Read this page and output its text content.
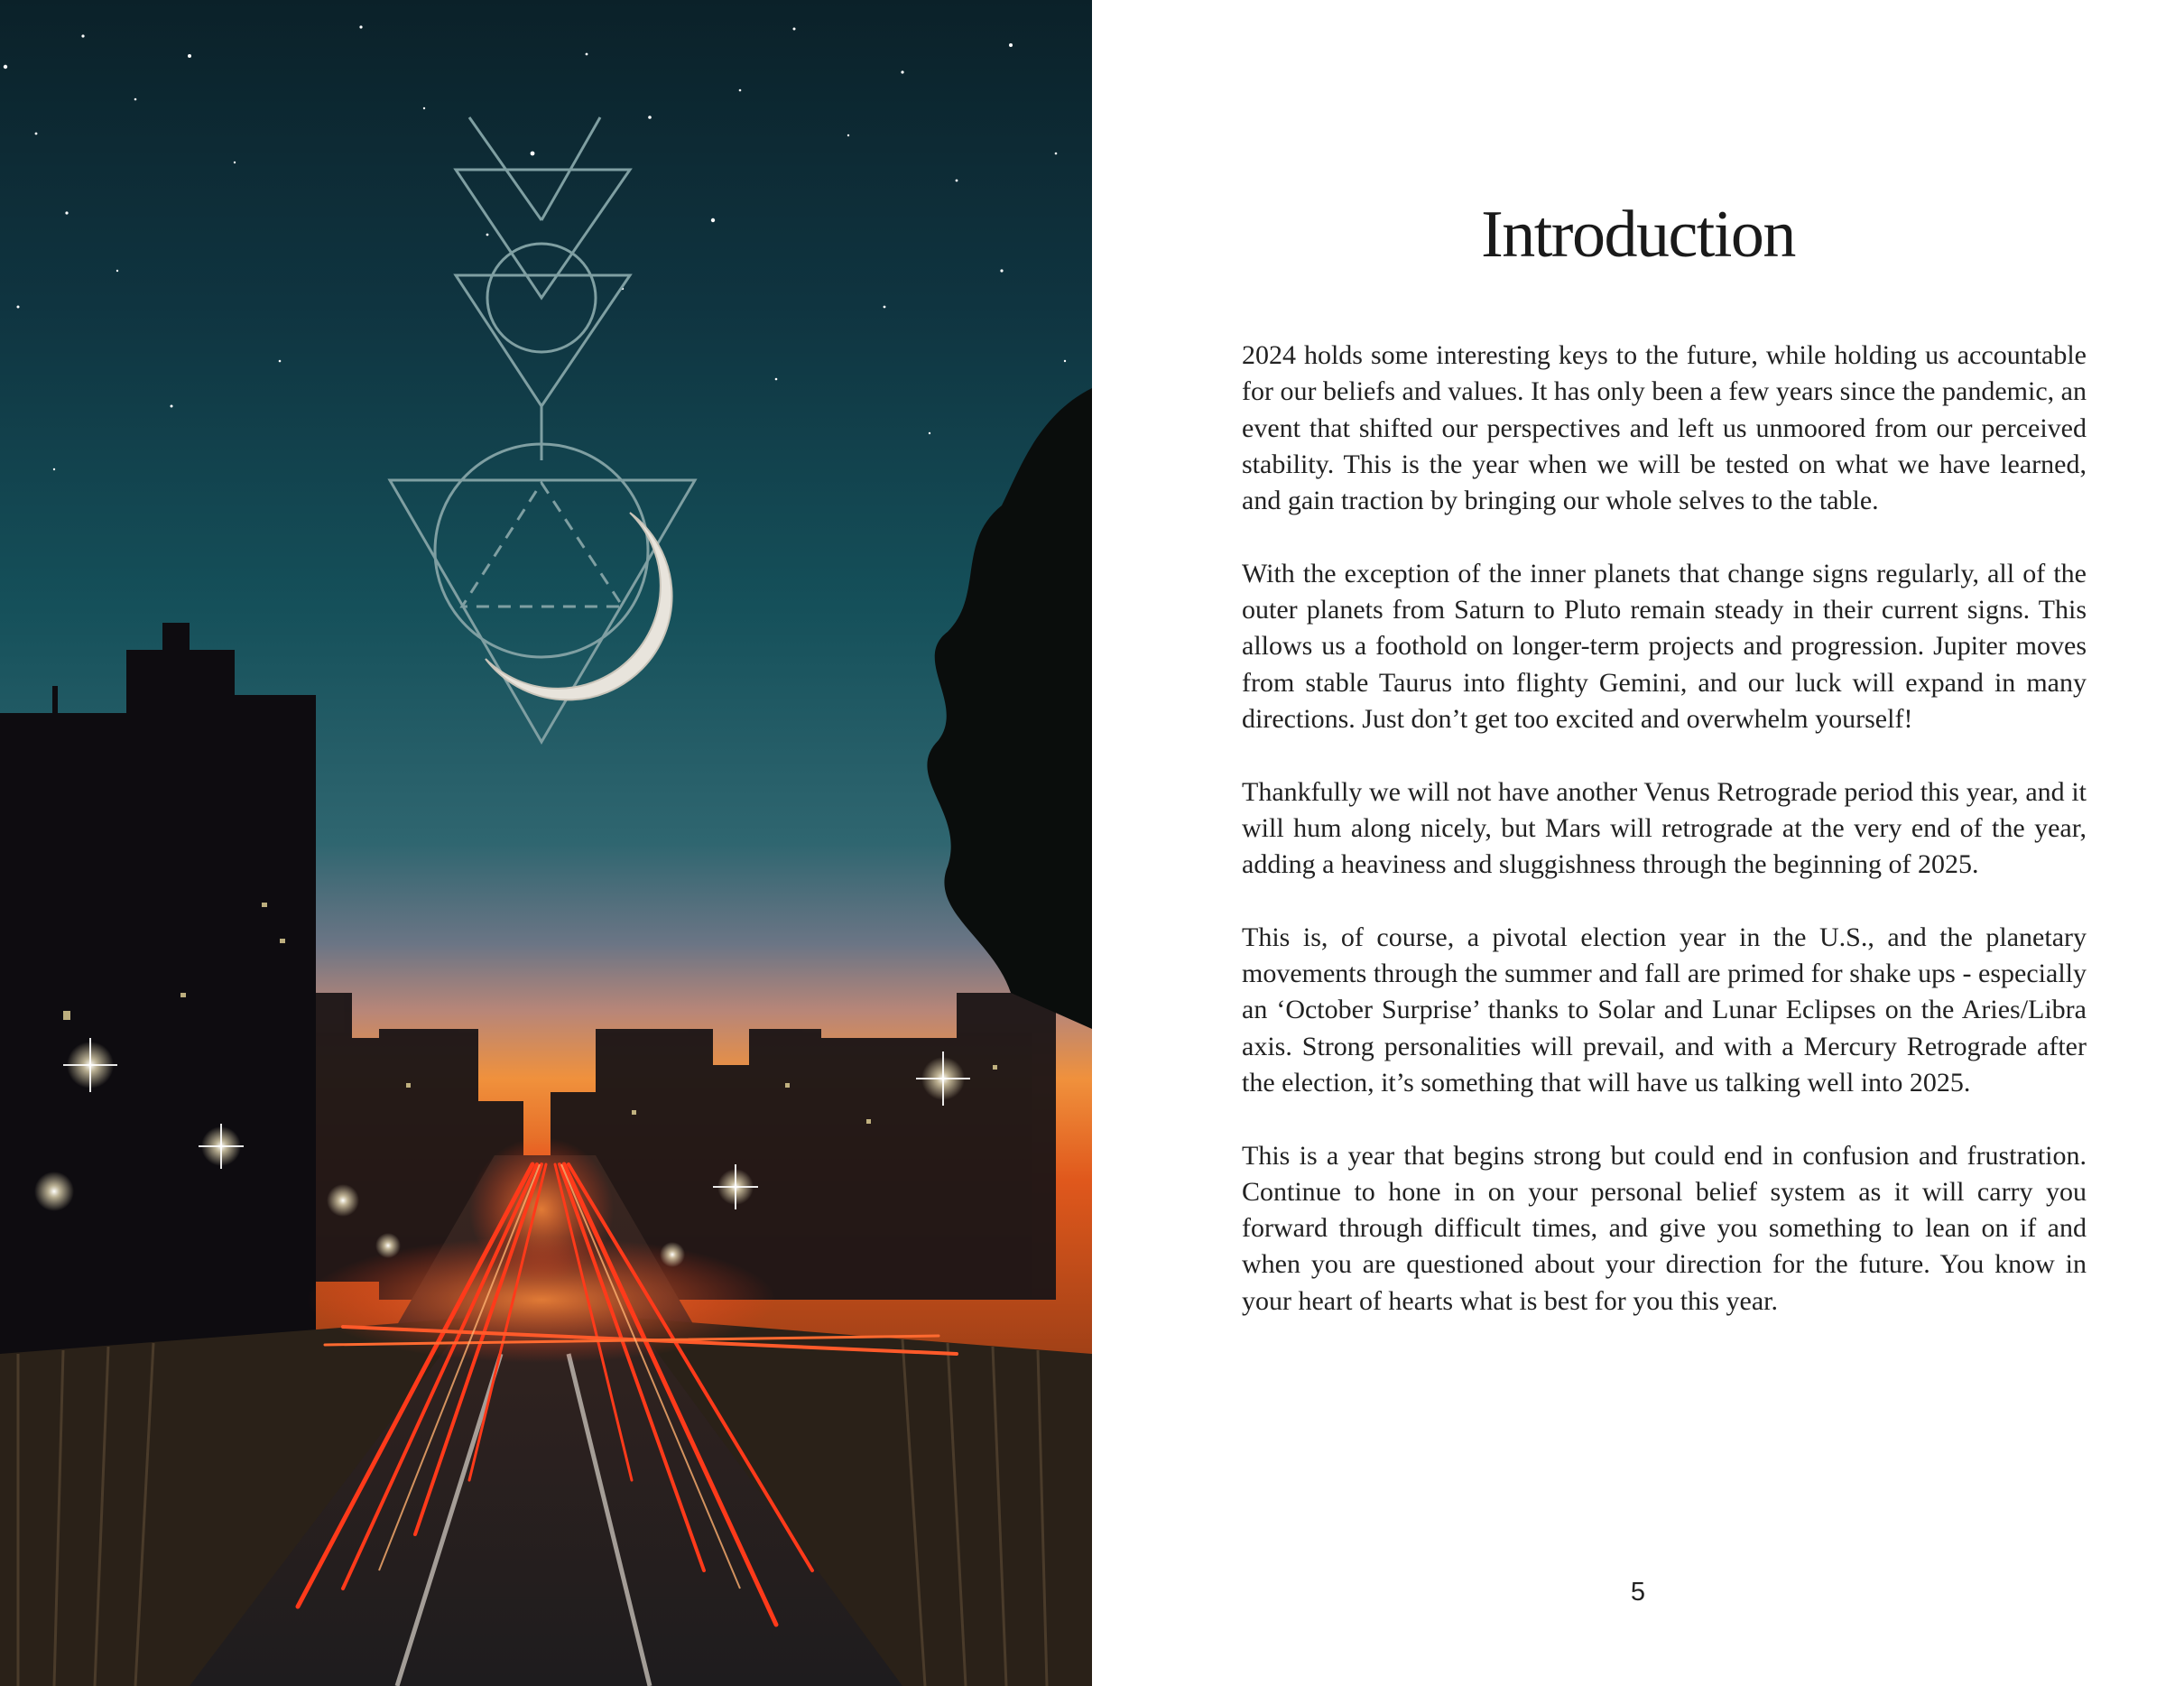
Introduction

2024 holds some interesting keys to the future, while holding us accountable for our beliefs and values. It has only been a few years since the pandemic, an event that shifted our perspectives and left us unmoored from our perceived stability. This is the year when we will be tested on what we have learned, and gain traction by bringing our whole selves to the table.

With the exception of the inner planets that change signs regularly, all of the outer planets from Saturn to Pluto remain steady in their current signs. This allows us a foothold on longer-term projects and progression. Jupiter moves from stable Taurus into flighty Gemini, and our luck will expand in many directions. Just don’t get too excited and overwhelm yourself!

Thankfully we will not have another Venus Retrograde period this year, and it will hum along nicely, but Mars will retrograde at the very end of the year, adding a heaviness and sluggishness through the beginning of 2025.

This is, of course, a pivotal election year in the U.S., and the planetary movements through the summer and fall are primed for shake ups - especially an ‘October Surprise’ thanks to Solar and Lunar Eclipses on the Aries/Libra axis. Strong personalities will prevail, and with a Mercury Retrograde after the election, it’s something that will have us talking well into 2025.

This is a year that begins strong but could end in confusion and frustration. Continue to hone in on your personal belief system as it will carry you forward through difficult times, and give you something to lean on if and when you are questioned about your direction for the future. You know in your heart of hearts what is best for you this year.

5
